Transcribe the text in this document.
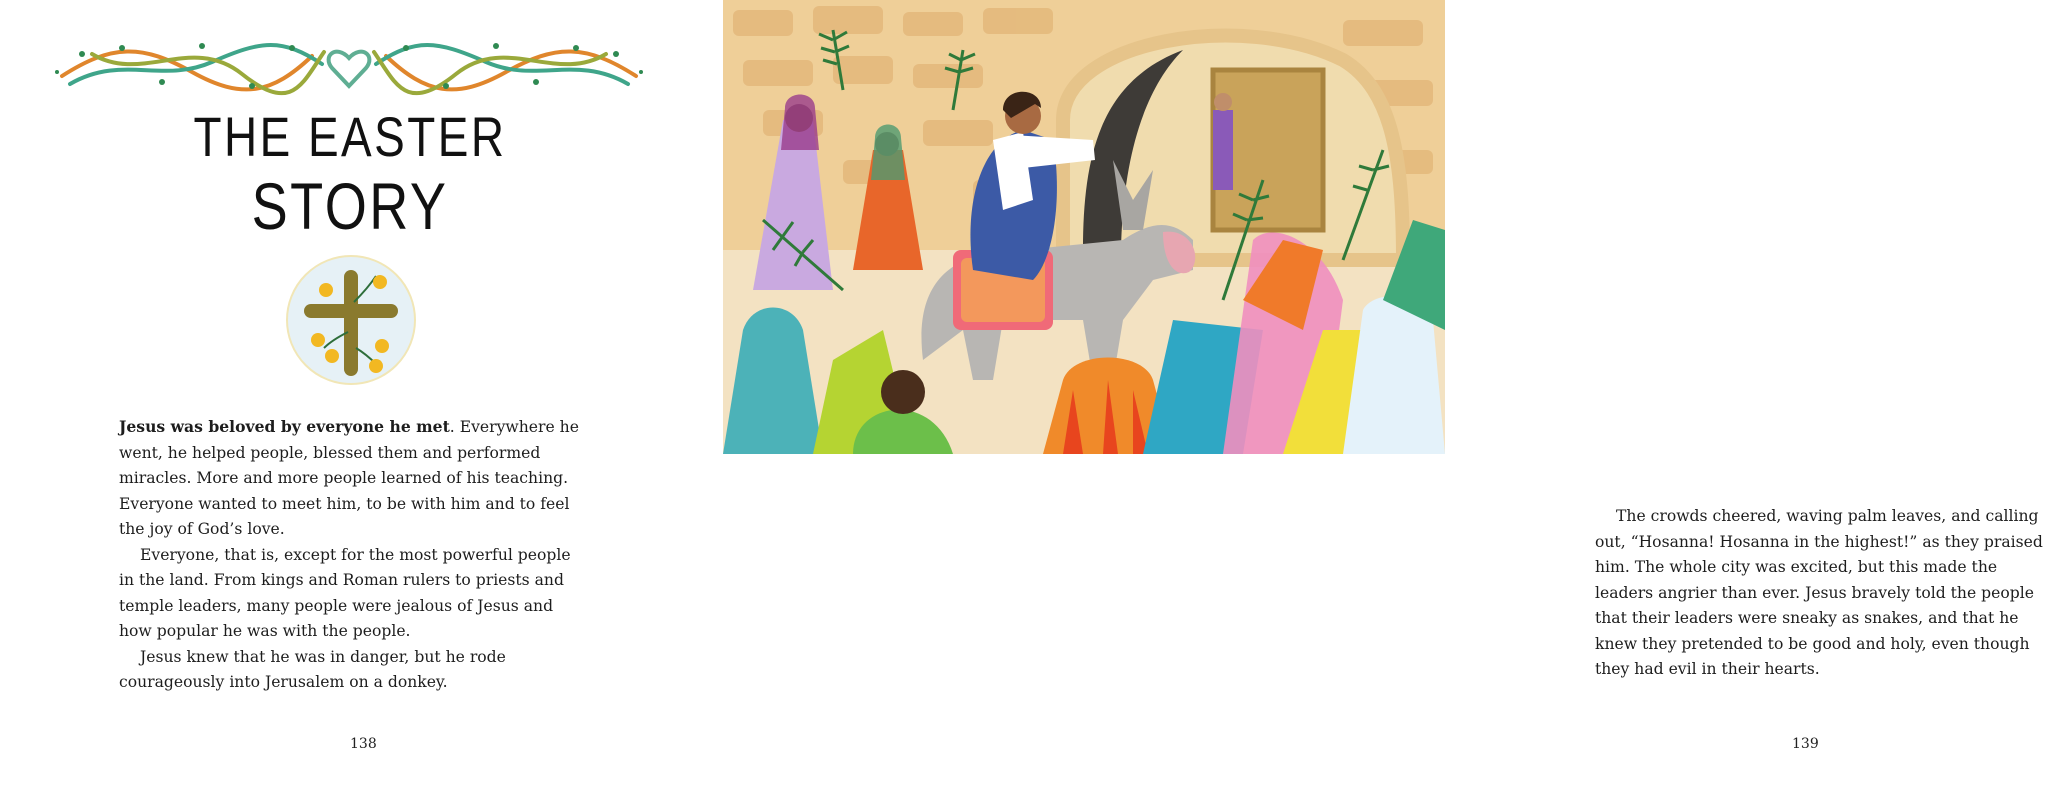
THE EASTER
STORY

Jesus was beloved by everyone he met. Everywhere he went, he helped people, blessed them and performed miracles. More and more people learned of his teaching. Everyone wanted to meet him, to be with him and to feel the joy of God’s love.

Everyone, that is, except for the most powerful people in the land. From kings and Roman rulers to priests and temple leaders, many people were jealous of Jesus and how popular he was with the people.

Jesus knew that he was in danger, but he rode courageously into Jerusalem on a donkey.

138

The crowds cheered, waving palm leaves, and calling out, “Hosanna! Hosanna in the highest!” as they praised him. The whole city was excited, but this made the leaders angrier than ever. Jesus bravely told the people that their leaders were sneaky as snakes, and that he knew they pretended to be good and holy, even though they had evil in their hearts.

139
